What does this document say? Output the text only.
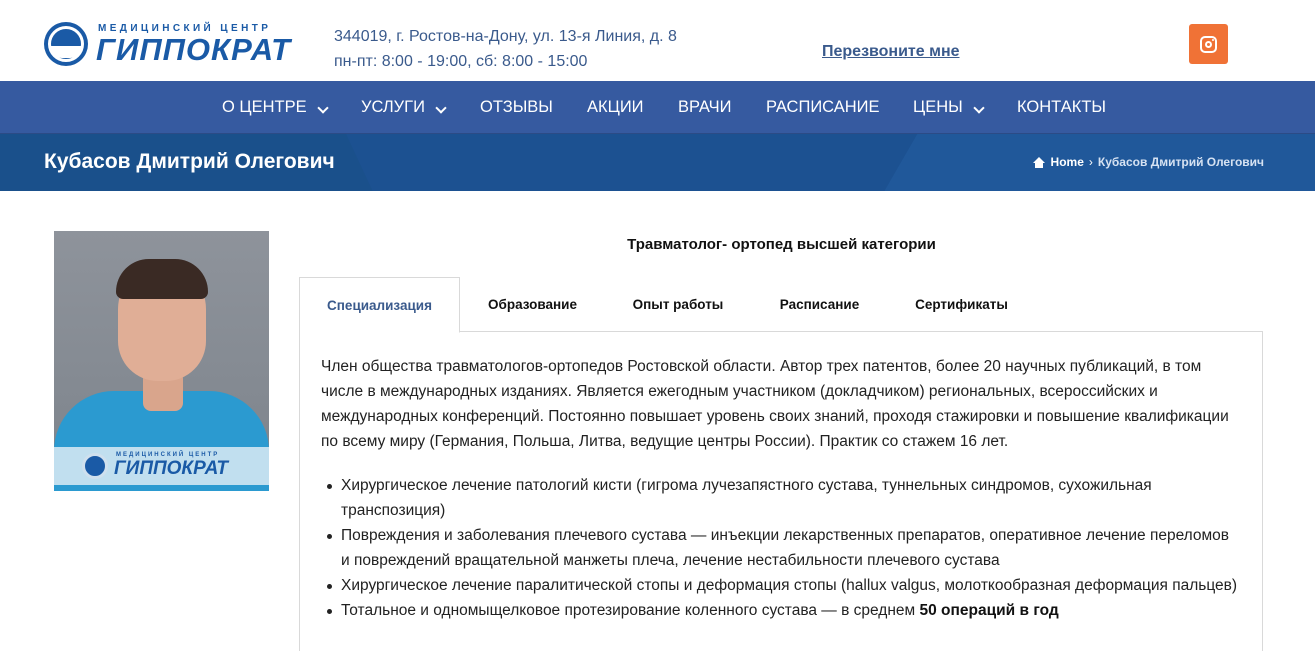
МЕДИЦИНСКИЙ ЦЕНТР
ГИППОКРАТ	344019, г. Ростов-на-Дону, ул. 13-я Линия, д. 8
пн-пт: 8:00 - 19:00, сб: 8:00 - 15:00
Перезвоните мне
О ЦЕНТРЕ	УСЛУГИ	ОТЗЫВЫ АКЦИИ ВРАЧИ РАСПИСАНИЕ ЦЕНЫ	КОНТАКТЫ
Кубасов Дмитрий Олегович	Home › Кубасов Дмитрий Олегович
МЕДИЦИНСКИЙ ЦЕНТР
ГИППОКРАТ
Травматолог- ортопед высшей категории
Специализация	Образование	Опыт работы	Расписание	Сертификаты

Член общества травматологов-ортопедов Ростовской области. Автор трех патентов, более 20 научных публикаций, в том числе в международных изданиях. Является ежегодным участником (докладчиком) региональных, всероссийских и международных конференций. Постоянно повышает уровень своих знаний, проходя стажировки и повышение квалификации по всему миру (Германия, Польша, Литва, ведущие центры России). Практик со стажем 16 лет.

Хирургическое лечение патологий кисти (гигрома лучезапястного сустава, туннельных синдромов, сухожильная транспозиция)
Повреждения и заболевания плечевого сустава — инъекции лекарственных препаратов, оперативное лечение переломов и повреждений вращательной манжеты плеча, лечение нестабильности плечевого сустава
Хирургическое лечение паралитической стопы и деформация стопы (hallux valgus, молоткообразная деформация пальцев)
Тотальное и одномыщелковое протезирование коленного сустава — в среднем 50 операций в год
